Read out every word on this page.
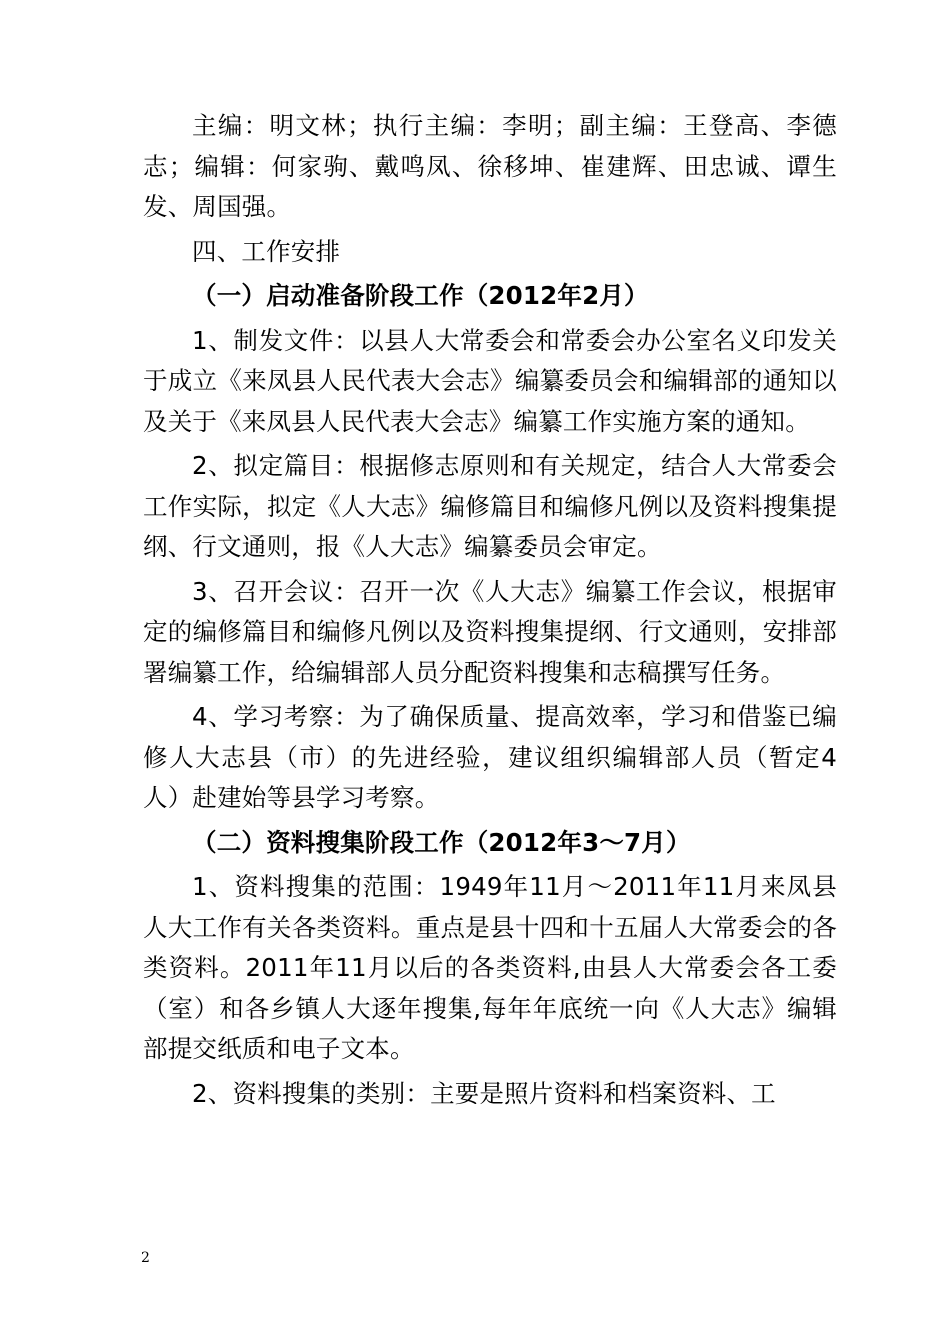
主编：明文林；执行主编：李明；副主编：王登高、李德志；编辑：何家驹、戴鸣凤、徐移坤、崔建辉、田忠诚、谭生发、周国强。

四、工作安排

（一）启动准备阶段工作（2012年2月）

1、制发文件：以县人大常委会和常委会办公室名义印发关于成立《来凤县人民代表大会志》编纂委员会和编辑部的通知以及关于《来凤县人民代表大会志》编纂工作实施方案的通知。

2、拟定篇目：根据修志原则和有关规定，结合人大常委会工作实际，拟定《人大志》编修篇目和编修凡例以及资料搜集提纲、行文通则，报《人大志》编纂委员会审定。

3、召开会议：召开一次《人大志》编纂工作会议，根据审定的编修篇目和编修凡例以及资料搜集提纲、行文通则，安排部署编纂工作，给编辑部人员分配资料搜集和志稿撰写任务。

4、学习考察：为了确保质量、提高效率，学习和借鉴已编修人大志县（市）的先进经验，建议组织编辑部人员（暂定4人）赴建始等县学习考察。

（二）资料搜集阶段工作（2012年3～7月）

1、资料搜集的范围：1949年11月～2011年11月来凤县人大工作有关各类资料。重点是县十四和十五届人大常委会的各类资料。2011年11月以后的各类资料,由县人大常委会各工委（室）和各乡镇人大逐年搜集,每年年底统一向《人大志》编辑部提交纸质和电子文本。

2、资料搜集的类别：主要是照片资料和档案资料、工

2
